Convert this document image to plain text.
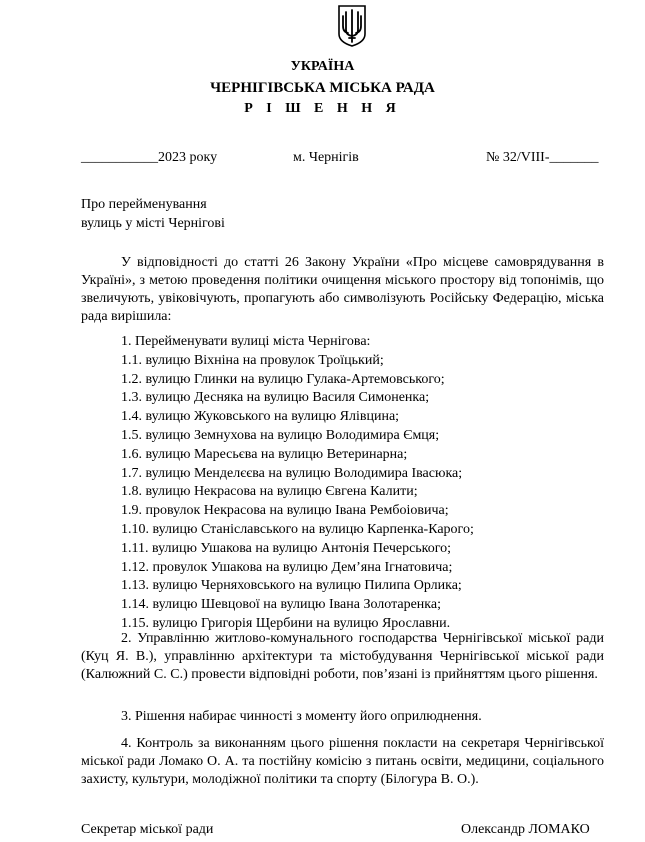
УКРАЇНА
ЧЕРНІГІВСЬКА МІСЬКА РАДА
Р І Ш Е Н Н Я
___________2023 року	м. Чернігів	№ 32/VIII-_______
Про перейменування
вулиць у місті Чернігові
У відповідності до статті 26 Закону України «Про місцеве самоврядування в Україні», з метою проведення політики очищення міського простору від топонімів, що звеличують, увіковічують, пропагують або символізують Російську Федерацію, міська рада вирішила:
1. Перейменувати вулиці міста Чернігова:
1.1. вулицю Віхніна на провулок Троїцький;
1.2. вулицю Глинки на вулицю Гулака-Артемовського;
1.3. вулицю Десняка на вулицю Василя Симоненка;
1.4. вулицю Жуковського на вулицю Ялівцина;
1.5. вулицю Земнухова на вулицю Володимира Ємця;
1.6. вулицю Маресьєва на вулицю Ветеринарна;
1.7. вулицю Менделєєва на вулицю Володимира Івасюка;
1.8. вулицю Некрасова на вулицю Євгена Калити;
1.9. провулок Некрасова на вулицю Івана Рембоіовича;
1.10. вулицю Станіславського на вулицю Карпенка-Карого;
1.11. вулицю Ушакова на вулицю Антонія Печерського;
1.12. провулок Ушакова на вулицю Дем’яна Ігнатовича;
1.13. вулицю Черняховського на вулицю Пилипа Орлика;
1.14. вулицю Шевцової на вулицю Івана Золотаренка;
1.15. вулицю Григорія Щербини на вулицю Ярославни.
2. Управлінню житлово-комунального господарства Чернігівської міської ради (Куц Я. В.), управлінню архітектури та містобудування Чернігівської міської ради (Калюжний С. С.) провести відповідні роботи, пов’язані із прийняттям цього рішення.
3. Рішення набирає чинності з моменту його оприлюднення.
4. Контроль за виконанням цього рішення покласти на секретаря Чернігівської міської ради Ломако О. А. та постійну комісію з питань освіти, медицини, соціального захисту, культури, молодіжної політики та спорту (Білогура В. О.).
Секретар міської ради	Олександр ЛОМАКО
